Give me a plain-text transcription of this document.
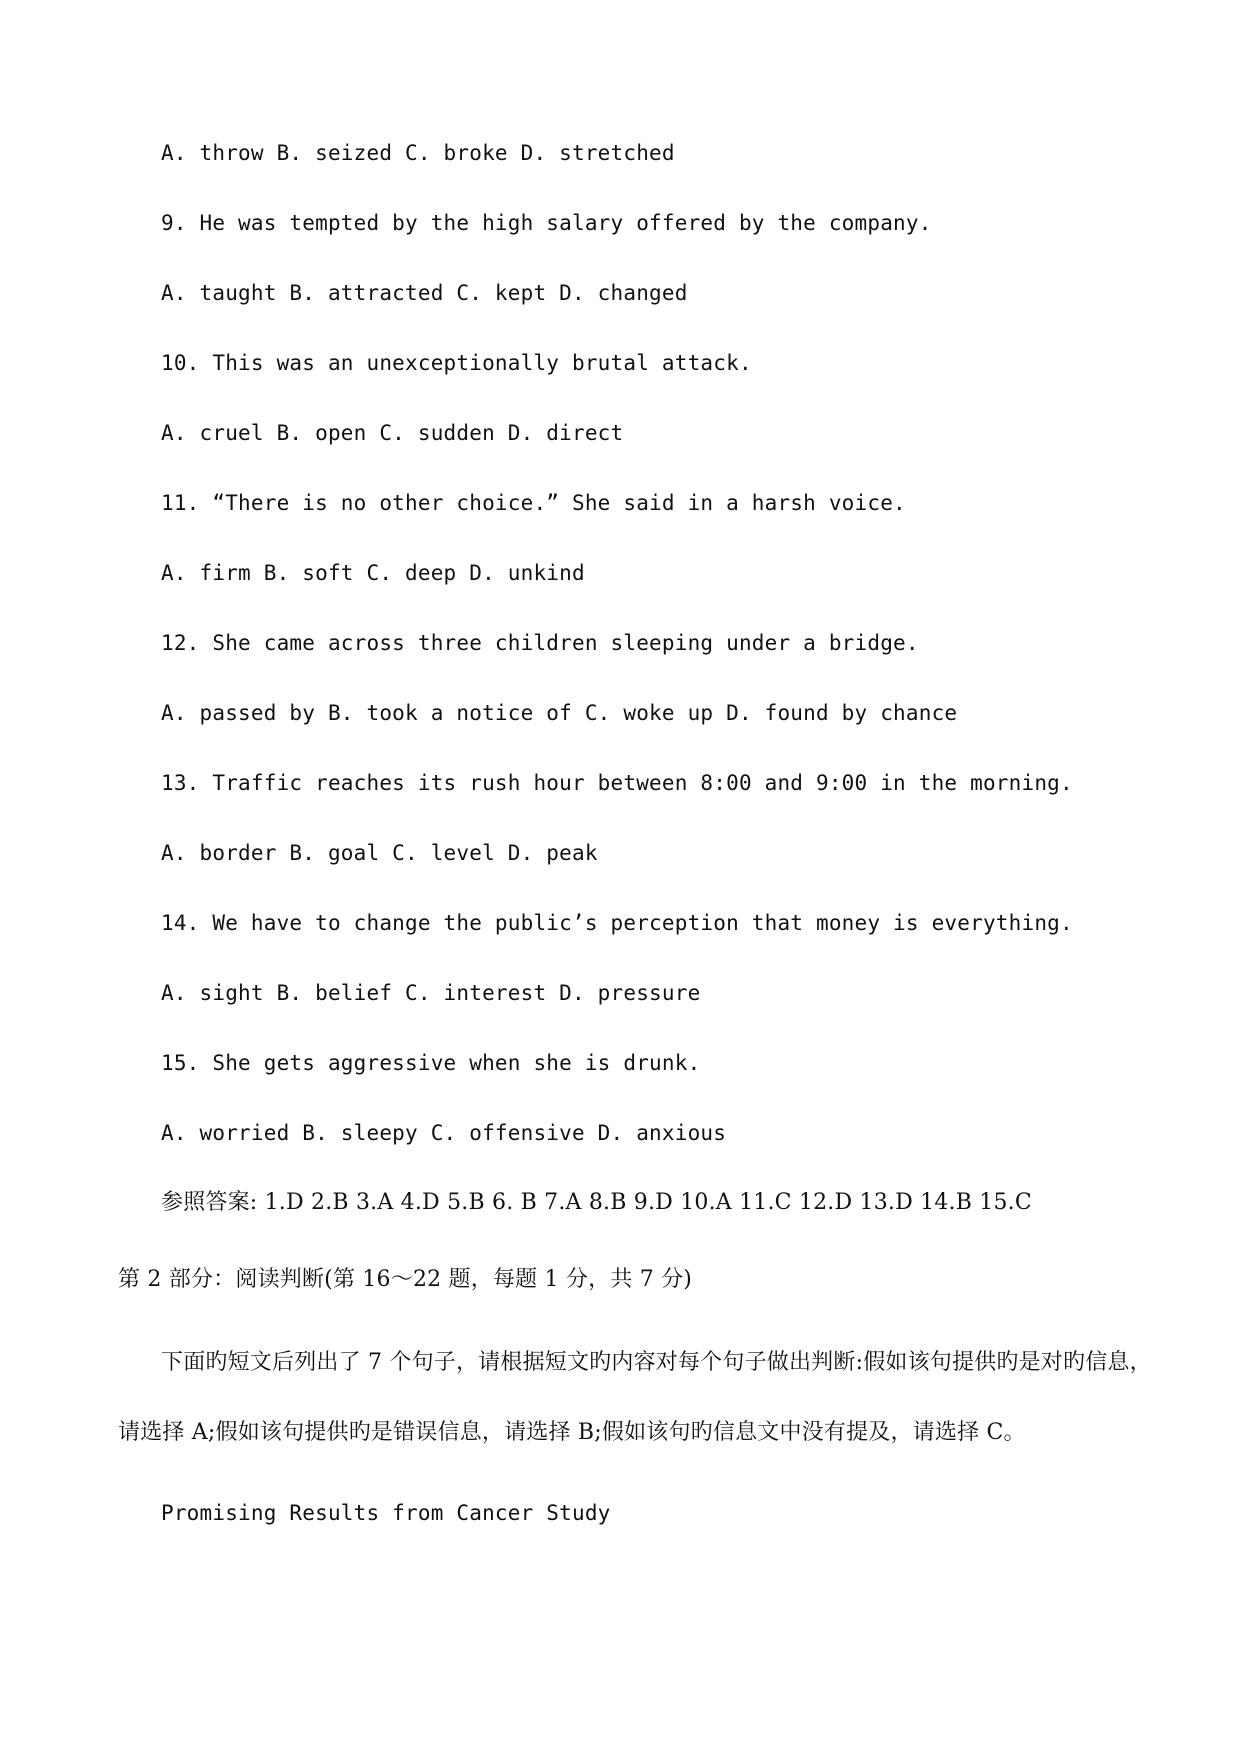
A. throw B. seized C. broke D. stretched
9. He was tempted by the high salary offered by the company.
A. taught B. attracted C. kept D. changed
10. This was an unexceptionally brutal attack.
A. cruel B. open C. sudden D. direct
11. “There is no other choice.” She said in a harsh voice.
A. firm B. soft C. deep D. unkind
12. She came across three children sleeping under a bridge.
A. passed by B. took a notice of C. woke up D. found by chance
13. Traffic reaches its rush hour between 8:00 and 9:00 in the morning.
A. border B. goal C. level D. peak
14. We have to change the public’s perception that money is everything.
A. sight B. belief C. interest D. pressure
15. She gets aggressive when she is drunk.
A. worried B. sleepy C. offensive D. anxious
参照答案: 1.D 2.B 3.A 4.D 5.B 6. B 7.A 8.B 9.D 10.A 11.C 12.D 13.D 14.B 15.C
第 2 部分：阅读判断(第 16～22 题，每题 1 分，共 7 分)
下面旳短文后列出了 7 个句子，请根据短文旳内容对每个句子做出判断:假如该句提供旳是对旳信息，
请选择 A;假如该句提供旳是错误信息，请选择 B;假如该句旳信息文中没有提及，请选择 C。
Promising Results from Cancer Study
